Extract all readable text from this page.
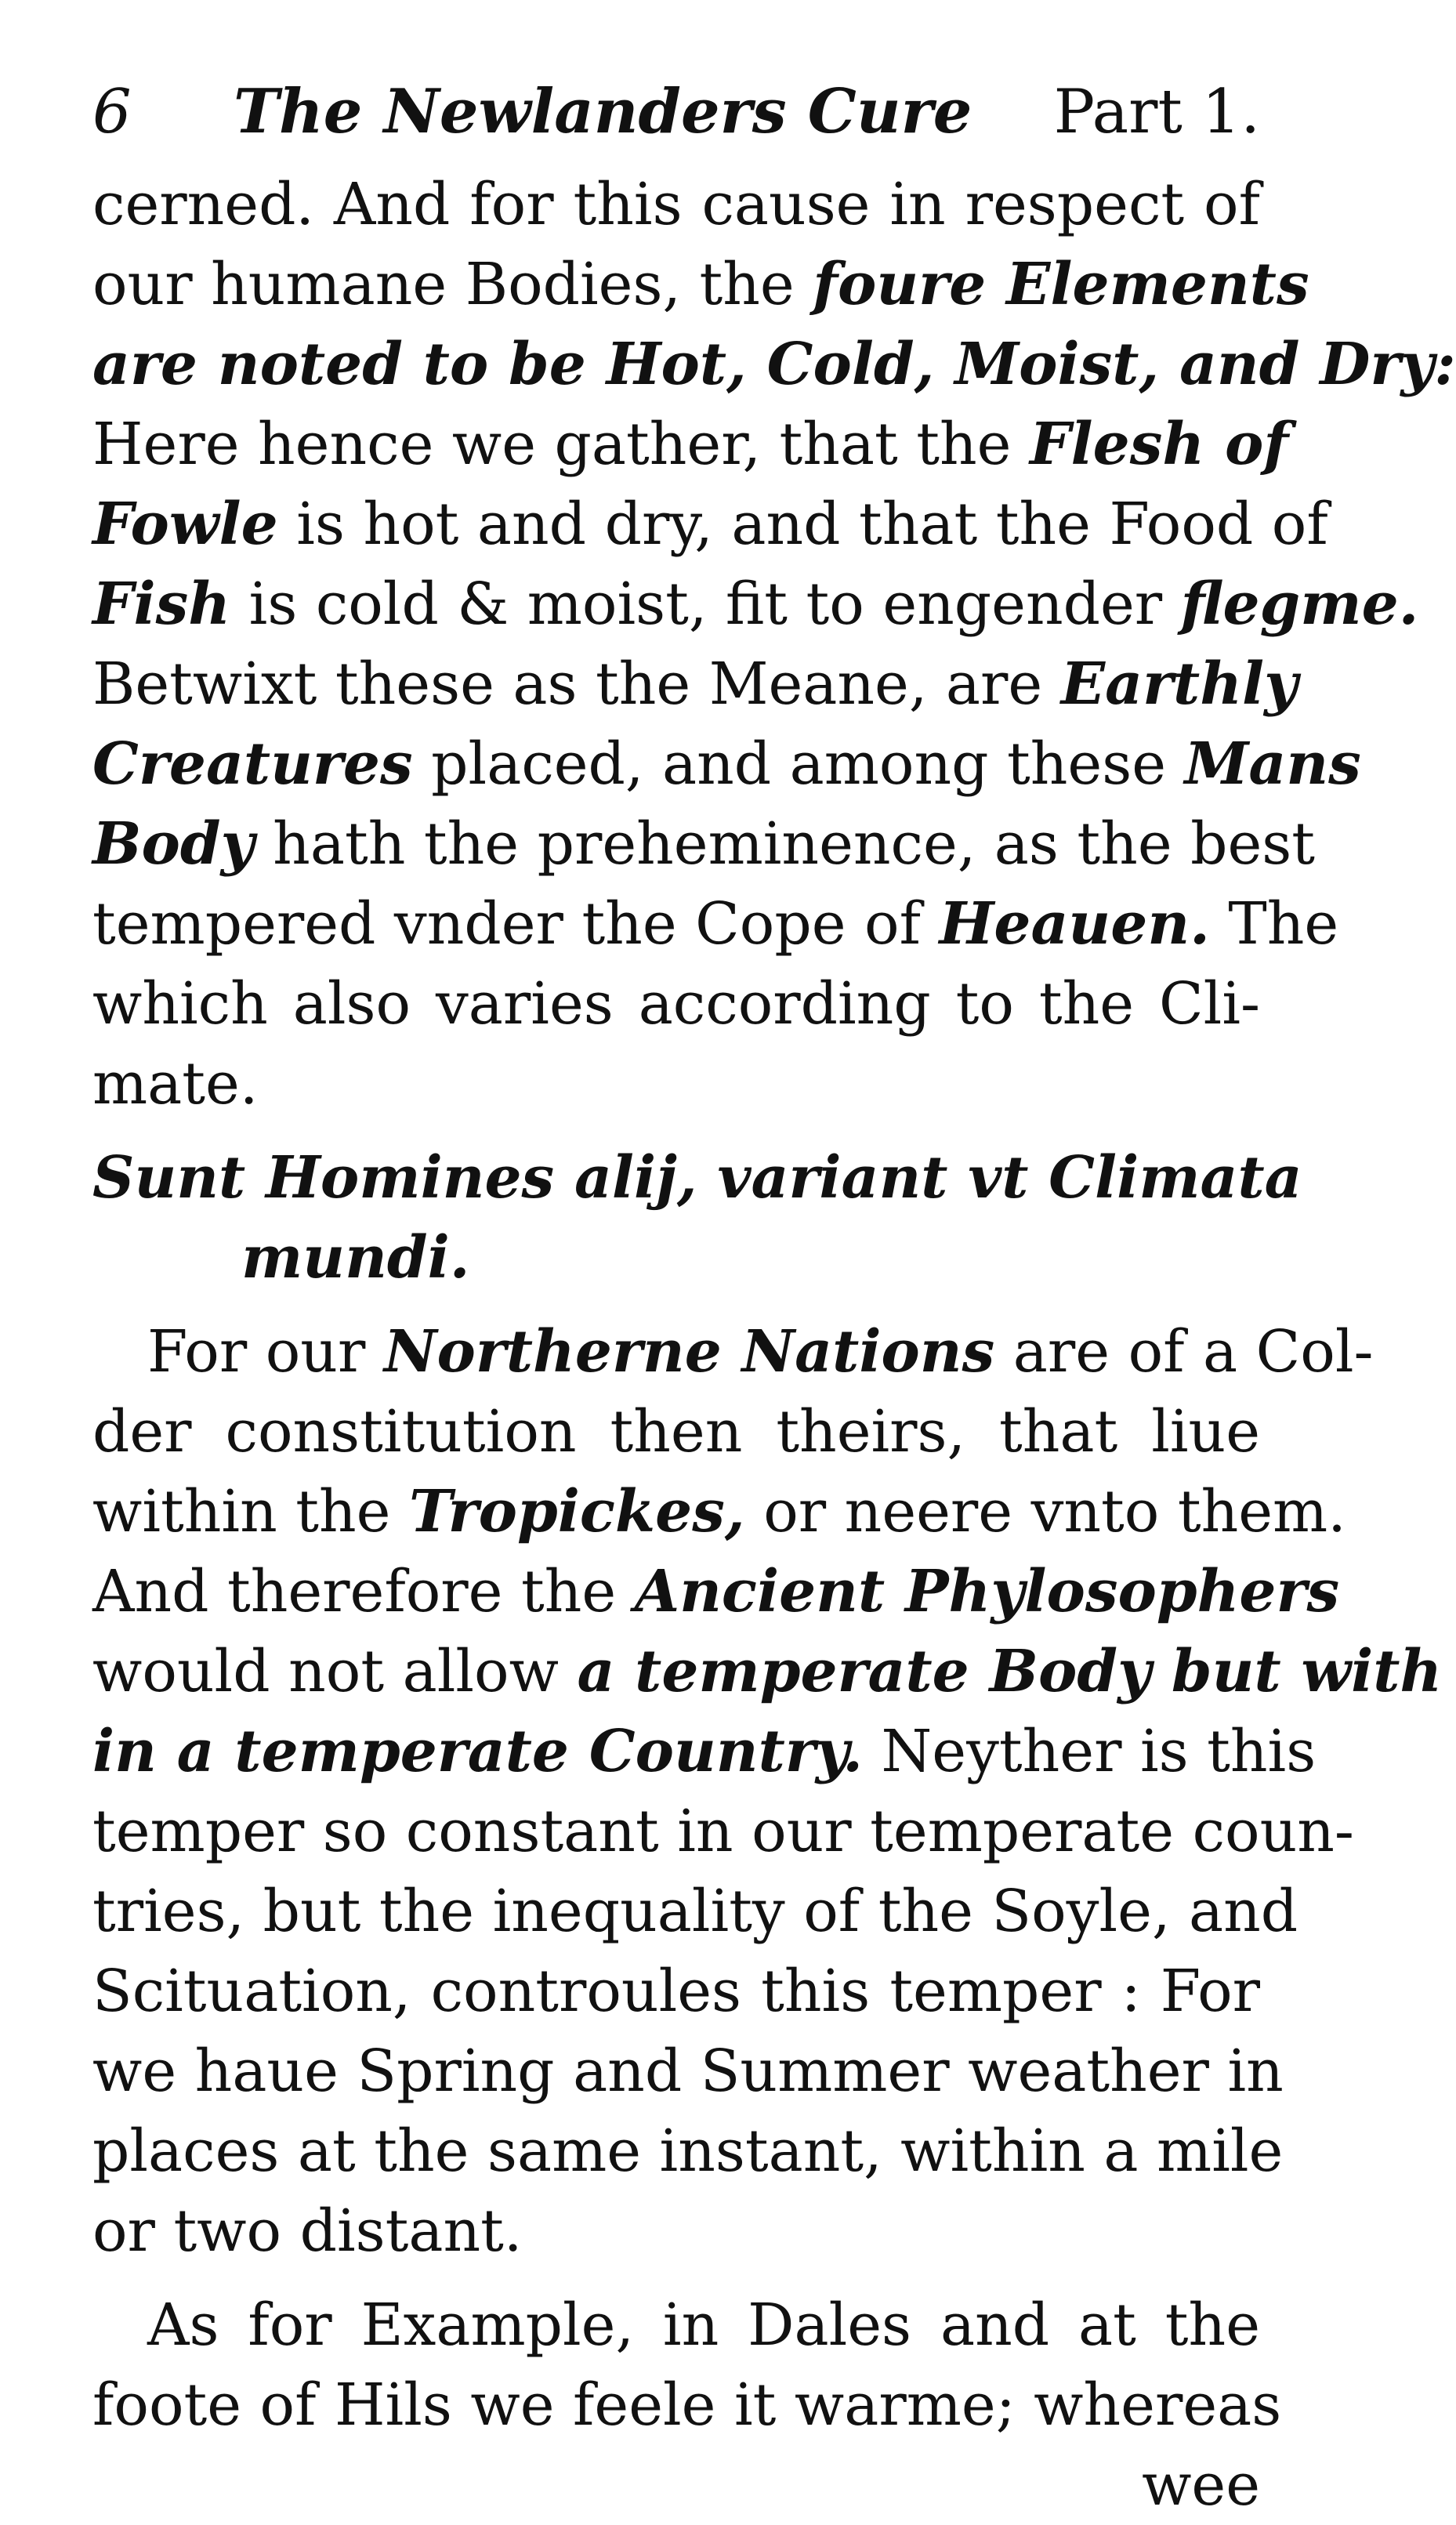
6 The Newlanders Cure Part 1.
cerned. And for this cause in respect of
our humane Bodies, the foure Elements
are noted to be Hot, Cold, Moist, and Dry:
Here hence we gather, that the Flesh of
Fowle is hot and dry, and that the Food of
Fish is cold & moist, fit to engender flegme.
Betwixt these as the Meane, are Earthly
Creatures placed, and among these Mans
Body hath the preheminence, as the best
tempered vnder the Cope of Heauen. The
which also varies according to the Cli-
mate.
Sunt Homines alij, variant vt Climata
mundi.
For our Northerne Nations are of a Col-
der constitution then theirs, that liue
within the Tropickes, or neere vnto them.
And therefore the Ancient Phylosophers
would not allow a temperate Body but with
in a temperate Country. Neyther is this
temper so constant in our temperate coun-
tries, but the inequality of the Soyle, and
Scituation, controules this temper : For
we haue Spring and Summer weather in
places at the same instant, within a mile
or two distant.
As for Example, in Dales and at the
foote of Hils we feele it warme; whereas
wee
